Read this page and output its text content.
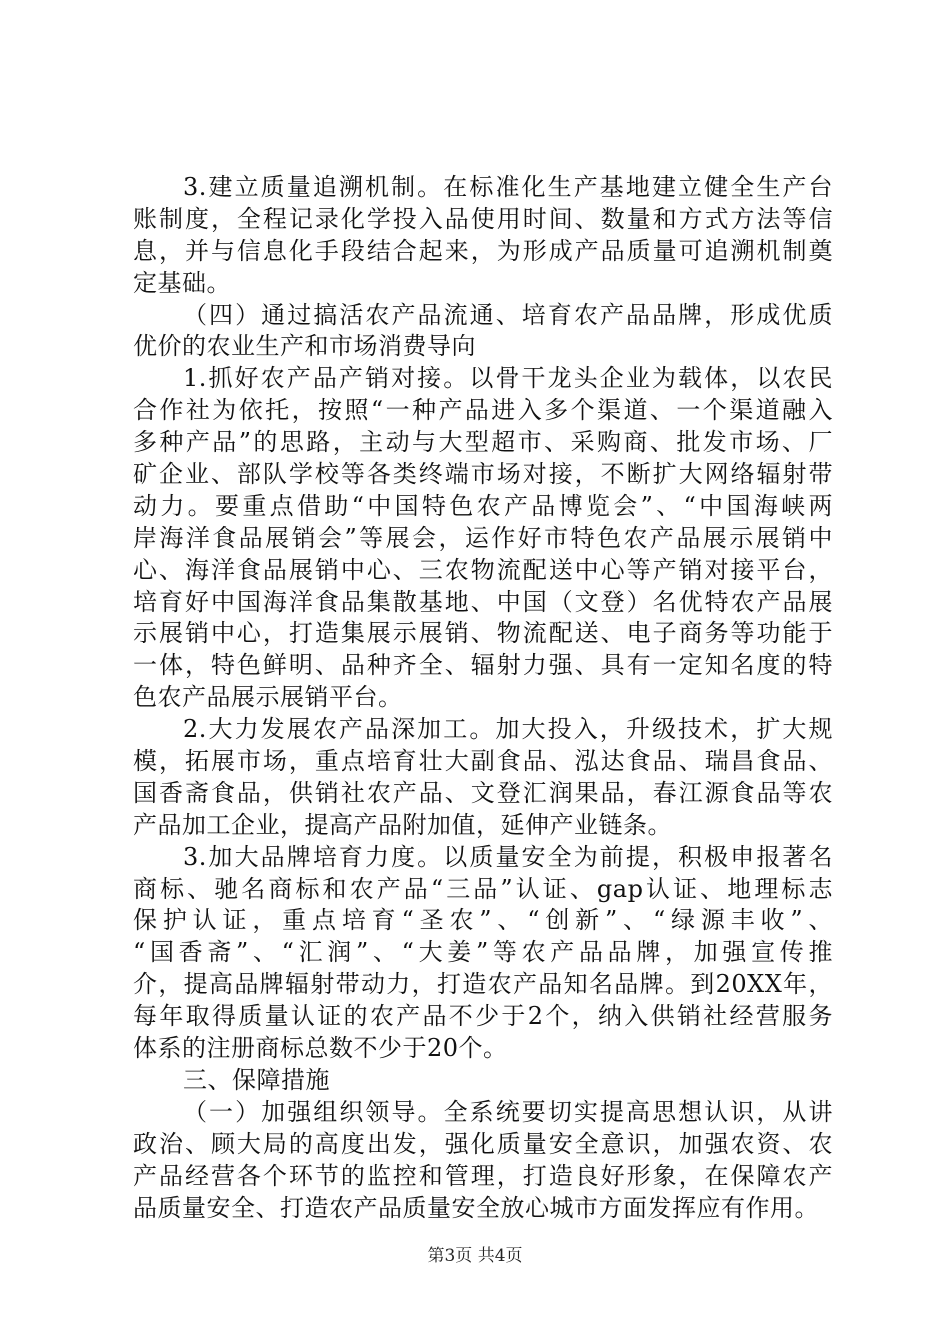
3.建立质量追溯机制。在标准化生产基地建立健全生产台
账制度，全程记录化学投入品使用时间、数量和方式方法等信
息，并与信息化手段结合起来，为形成产品质量可追溯机制奠
定基础。
（四）通过搞活农产品流通、培育农产品品牌，形成优质
优价的农业生产和市场消费导向
1.抓好农产品产销对接。以骨干龙头企业为载体，以农民
合作社为依托，按照“一种产品进入多个渠道、一个渠道融入
多种产品”的思路，主动与大型超市、采购商、批发市场、厂
矿企业、部队学校等各类终端市场对接，不断扩大网络辐射带
动力。要重点借助“中国特色农产品博览会”、“中国海峡两
岸海洋食品展销会”等展会，运作好市特色农产品展示展销中
心、海洋食品展销中心、三农物流配送中心等产销对接平台，
培育好中国海洋食品集散基地、中国（文登）名优特农产品展
示展销中心，打造集展示展销、物流配送、电子商务等功能于
一体，特色鲜明、品种齐全、辐射力强、具有一定知名度的特
色农产品展示展销平台。
2.大力发展农产品深加工。加大投入，升级技术，扩大规
模，拓展市场，重点培育壮大副食品、泓达食品、瑞昌食品、
国香斋食品，供销社农产品、文登汇润果品，春江源食品等农
产品加工企业，提高产品附加值，延伸产业链条。
3.加大品牌培育力度。以质量安全为前提，积极申报著名
商标、驰名商标和农产品“三品”认证、gap认证、地理标志
保护认证，重点培育“圣农”、“创新”、“绿源丰收”、
“国香斋”、“汇润”、“大姜”等农产品品牌，加强宣传推
介，提高品牌辐射带动力，打造农产品知名品牌。到20XX年，
每年取得质量认证的农产品不少于2个，纳入供销社经营服务
体系的注册商标总数不少于20个。
三、保障措施
（一）加强组织领导。全系统要切实提高思想认识，从讲
政治、顾大局的高度出发，强化质量安全意识，加强农资、农
产品经营各个环节的监控和管理，打造良好形象，在保障农产
品质量安全、打造农产品质量安全放心城市方面发挥应有作用。
第3页 共4页
